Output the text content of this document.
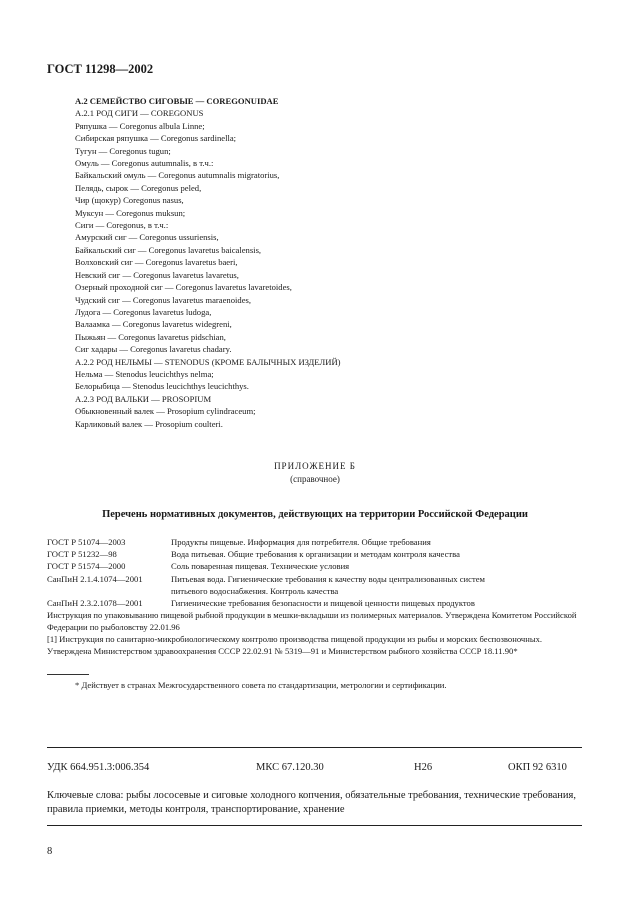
ГОСТ 11298—2002
А.2 СЕМЕЙСТВО СИГОВЫЕ — COREGONUIDAE
А.2.1 РОД СИГИ — COREGONUS
Ряпушка — Coregonus albula Linne;
Сибирская ряпушка — Coregonus sardinella;
Тугун — Coregonus tugun;
Омуль — Coregonus autumnalis, в т.ч.:
Байкальский омуль — Coregonus autumnalis migratorius,
Пелядь, сырок — Coregonus peled,
Чир (щокур) Coregonus nasus,
Муксун — Coregonus muksun;
Сиги — Coregonus, в т.ч.:
Амурский сиг — Coregonus ussuriensis,
Байкальский сиг — Coregonus lavaretus baicalensis,
Волховский сиг — Coregonus lavaretus baeri,
Невский сиг — Coregonus lavaretus lavaretus,
Озерный проходной сиг — Coregonus lavaretus lavaretoides,
Чудский сиг — Coregonus lavaretus maraenoides,
Лудога — Coregonus lavaretus ludoga,
Валаамка — Coregonus lavaretus widegreni,
Пыжьян — Coregonus lavaretus pidschian,
Сиг хадары — Coregonus lavaretus chadary.
А.2.2 РОД НЕЛЬМЫ — STENODUS (КРОМЕ БАЛЫЧНЫХ ИЗДЕЛИЙ)
Нельма — Stenodus leucichthys nelma;
Белорыбица — Stenodus leucichthys leucichthys.
А.2.3 РОД ВАЛЬКИ — PROSOPIUM
Обыкновенный валек — Prosopium cylindraceum;
Карликовый валек — Prosopium coulteri.
ПРИЛОЖЕНИЕ Б
(справочное)
Перечень нормативных документов, действующих на территории Российской Федерации
ГОСТ Р 51074—2003	Продукты пищевые. Информация для потребителя. Общие требования
ГОСТ Р 51232—98	Вода питьевая. Общие требования к организации и методам контроля качества
ГОСТ Р 51574—2000	Соль поваренная пищевая. Технические условия
СанПиН 2.1.4.1074—2001	Питьевая вода. Гигиенические требования к качеству воды централизованных систем
питьевого водоснабжения. Контроль качества
СанПиН 2.3.2.1078—2001	Гигиенические требования безопасности и пищевой ценности пищевых продуктов
Инструкция по упаковыванию пищевой рыбной продукции в мешки-вкладыши из полимерных материалов. Утверждена Комитетом Российской Федерации по рыболовству 22.01.96
[1] Инструкция по санитарно-микробиологическому контролю производства пищевой продукции из рыбы и морских беспозвоночных. Утверждена Министерством здравоохранения СССР 22.02.91 № 5319—91 и Министерством рыбного хозяйства СССР 18.11.90*
* Действует в странах Межгосударственного совета по стандартизации, метрологии и сертификации.
УДК 664.951.3:006.354	МКС 67.120.30	Н26	ОКП 92 6310
Ключевые слова: рыбы лососевые и сиговые холодного копчения, обязательные требования, технические требования, правила приемки, методы контроля, транспортирование, хранение
8
